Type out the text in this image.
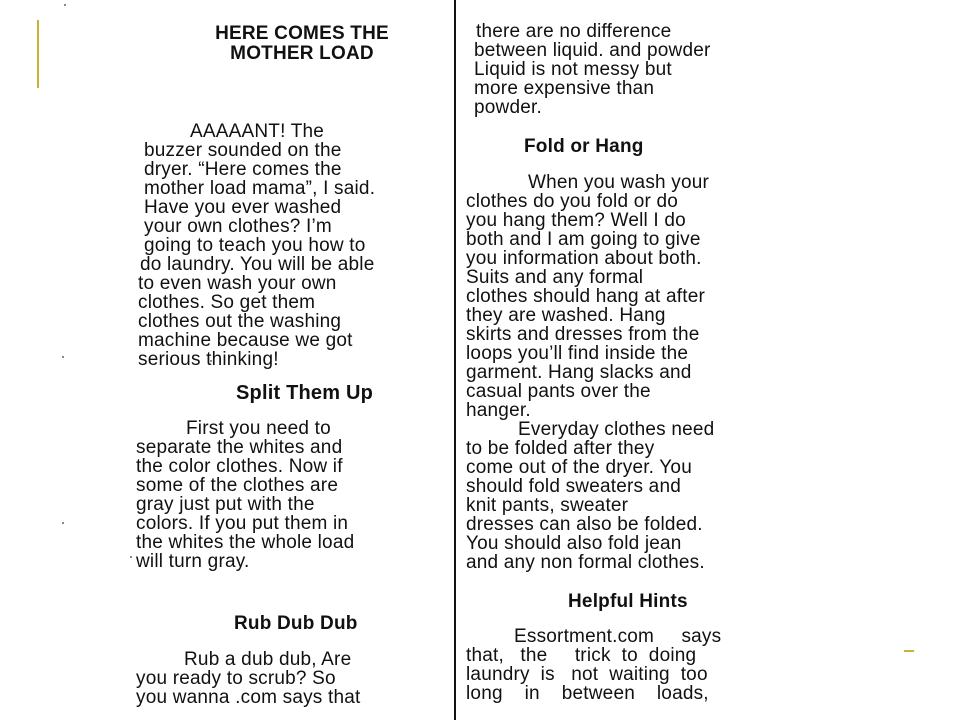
HERE COMES THE
MOTHER LOAD
AAAAANT! The
buzzer sounded on the
dryer. “Here comes the
mother load mama”, I said.
Have you ever washed
your own clothes? I’m
going to teach you how to
do laundry. You will be able
to even wash your own
clothes. So get them
clothes out the washing
machine because we got
serious thinking!
Split Them Up
First you need to
separate the whites and
the color clothes. Now if
some of the clothes are
gray just put with the
colors. If you put them in
the whites the whole load
will turn gray.
Rub Dub Dub
Rub a dub dub, Are
you ready to scrub? So
you wanna .com says that
there are no difference
between liquid. and powder
Liquid is not messy but
more expensive than
powder.
Fold or Hang
When you wash your
clothes do you fold or do
you hang them? Well I do
both and I am going to give
you information about both.
Suits and any formal
clothes should hang at after
they are washed. Hang
skirts and dresses from the
loops you’ll find inside the
garment. Hang slacks and
casual pants over the
hanger.
Everyday clothes need
to be folded after they
come out of the dryer. You
should fold sweaters and
knit pants, sweater
dresses can also be folded.
You should also fold jean
and any non formal clothes.
Helpful Hints
Essortment.com     says
that,   the     trick  to  doing
laundry  is   not  waiting  too
long    in    between    loads,
